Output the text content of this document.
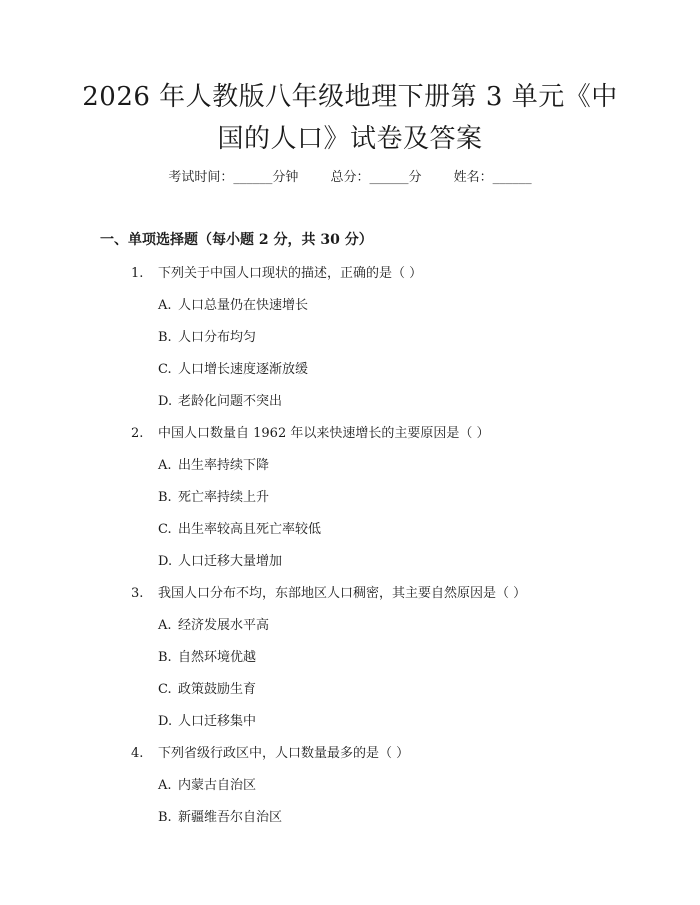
2026 年人教版八年级地理下册第 3 单元《中
国的人口》试卷及答案
考试时间：______分钟 总分：______分 姓名：______
一、单项选择题（每小题 2 分，共 30 分）
1. 下列关于中国人口现状的描述，正确的是（ ）
A. 人口总量仍在快速增长
B. 人口分布均匀
C. 人口增长速度逐渐放缓
D. 老龄化问题不突出
2. 中国人口数量自 1962 年以来快速增长的主要原因是（ ）
A. 出生率持续下降
B. 死亡率持续上升
C. 出生率较高且死亡率较低
D. 人口迁移大量增加
3. 我国人口分布不均，东部地区人口稠密，其主要自然原因是（ ）
A. 经济发展水平高
B. 自然环境优越
C. 政策鼓励生育
D. 人口迁移集中
4. 下列省级行政区中，人口数量最多的是（ ）
A. 内蒙古自治区
B. 新疆维吾尔自治区
